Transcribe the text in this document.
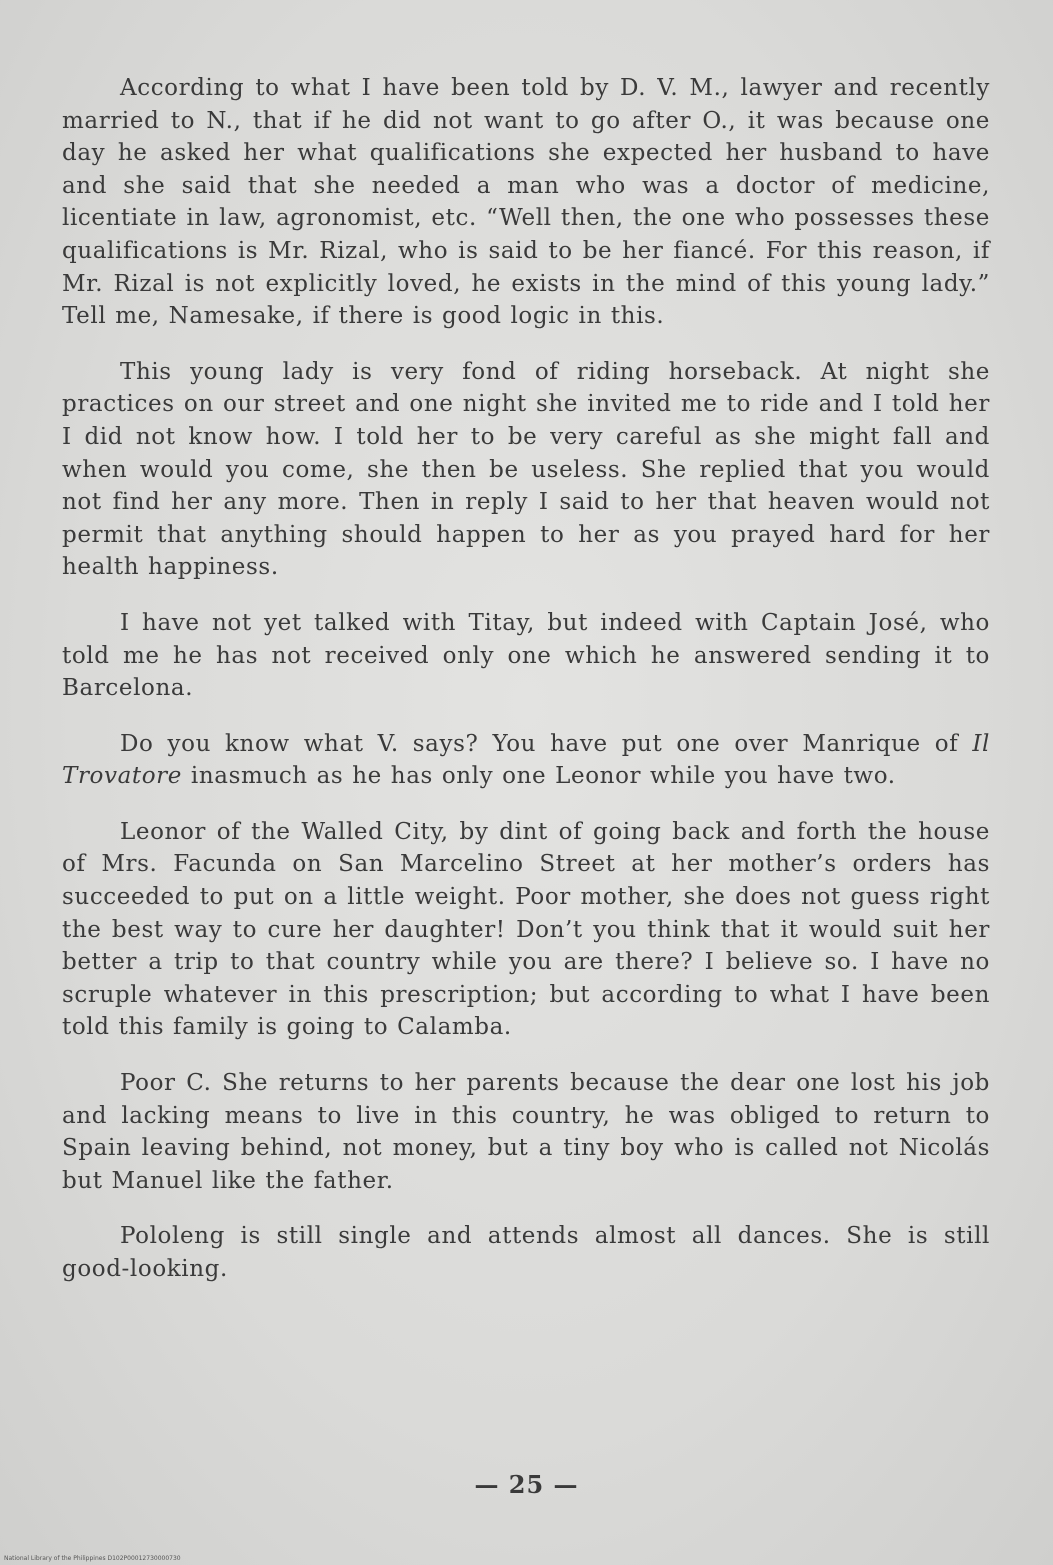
According to what I have been told by D. V. M., lawyer and recently married to N., that if he did not want to go after O., it was because one day he asked her what qualifications she expected her husband to have and she said that she needed a man who was a doctor of medicine, licentiate in law, agronomist, etc. “Well then, the one who possesses these qualifications is Mr. Rizal, who is said to be her fiancé. For this reason, if Mr. Rizal is not explicitly loved, he exists in the mind of this young lady.” Tell me, Namesake, if there is good logic in this.

This young lady is very fond of riding horseback. At night she practices on our street and one night she invited me to ride and I told her I did not know how. I told her to be very careful as she might fall and when would you come, she then be useless. She replied that you would not find her any more. Then in reply I said to her that heaven would not permit that anything should happen to her as you prayed hard for her health happiness.

I have not yet talked with Titay, but indeed with Captain José, who told me he has not received only one which he answered sending it to Barcelona.

Do you know what V. says? You have put one over Manrique of Il Trovatore inasmuch as he has only one Leonor while you have two.

Leonor of the Walled City, by dint of going back and forth the house of Mrs. Facunda on San Marcelino Street at her mother’s orders has succeeded to put on a little weight. Poor mother, she does not guess right the best way to cure her daughter! Don’t you think that it would suit her better a trip to that country while you are there? I believe so. I have no scruple whatever in this prescription; but according to what I have been told this family is going to Calamba.

Poor C. She returns to her parents because the dear one lost his job and lacking means to live in this country, he was obliged to return to Spain leaving behind, not money, but a tiny boy who is called not Nicolás but Manuel like the father.

Pololeng is still single and attends almost all dances. She is still good-looking.

— 25 —
National Library of the Philippines D102P00012730000730
